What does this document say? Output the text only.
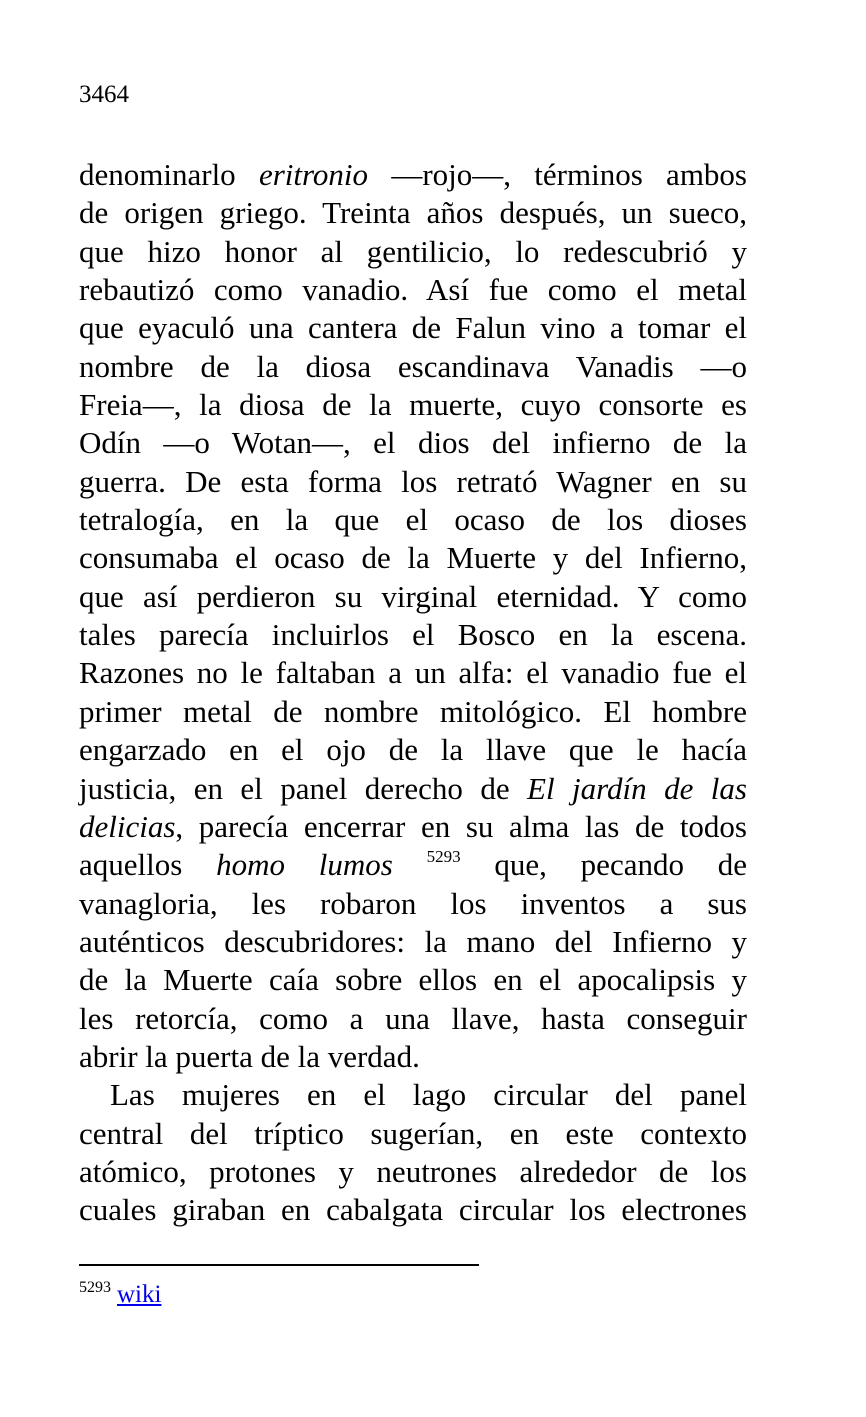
3464
denominarlo eritronio —rojo—, términos ambos
de origen griego. Treinta años después, un sueco,
que hizo honor al gentilicio, lo redescubrió y
rebautizó como vanadio. Así fue como el metal
que eyaculó una cantera de Falun vino a tomar el
nombre de la diosa escandinava Vanadis —o
Freia—, la diosa de la muerte, cuyo consorte es
Odín —o Wotan—, el dios del infierno de la
guerra. De esta forma los retrató Wagner en su
tetralogía, en la que el ocaso de los dioses
consumaba el ocaso de la Muerte y del Infierno,
que así perdieron su virginal eternidad. Y como
tales parecía incluirlos el Bosco en la escena.
Razones no le faltaban a un alfa: el vanadio fue el
primer metal de nombre mitológico. El hombre
engarzado en el ojo de la llave que le hacía
justicia, en el panel derecho de El jardín de las
delicias, parecía encerrar en su alma las de todos
aquellos homo lumos $^{5293}$ que, pecando de
vanagloria, les robaron los inventos a sus
auténticos descubridores: la mano del Infierno y
de la Muerte caía sobre ellos en el apocalipsis y
les retorcía, como a una llave, hasta conseguir
abrir la puerta de la verdad.
Las mujeres en el lago circular del panel
central del tríptico sugerían, en este contexto
atómico, protones y neutrones alrededor de los
cuales giraban en cabalgata circular los electrones
$^{5293}$ wiki
